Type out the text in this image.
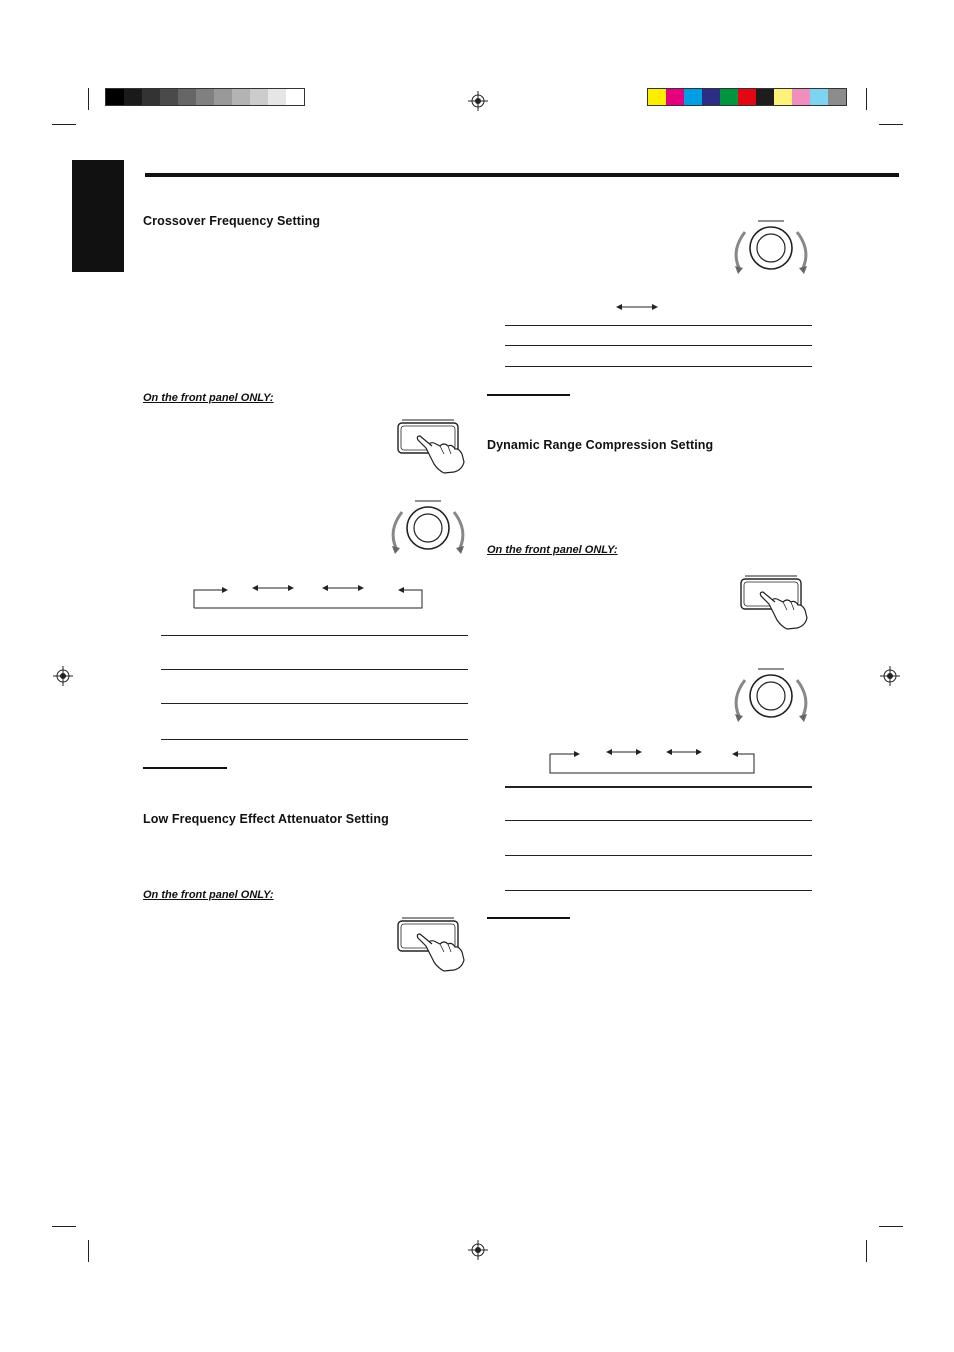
Crossover Frequency Setting
On the front panel ONLY:
Low Frequency Effect Attenuator Setting
On the front panel ONLY:
Dynamic Range Compression Setting
On the front panel ONLY:
